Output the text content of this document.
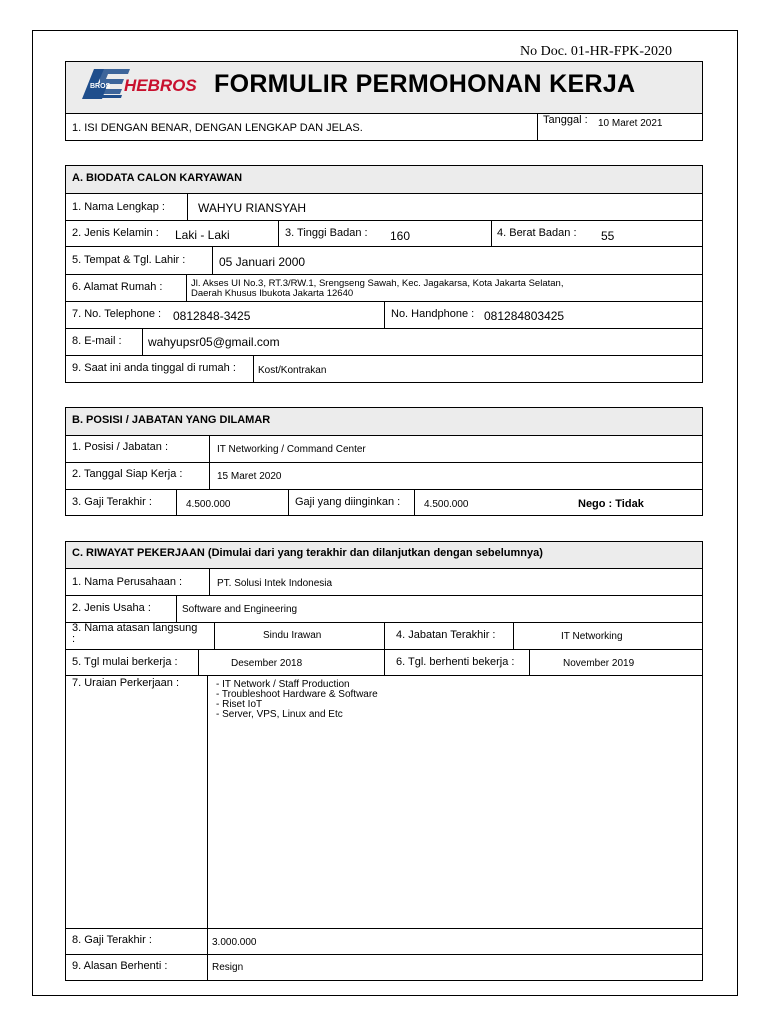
No Doc. 01-HR-FPK-2020
BROS HEBROS FORMULIR PERMOHONAN KERJA
1. ISI DENGAN BENAR, DENGAN LENGKAP DAN JELAS.
Tanggal : 10 Maret 2021
A. BIODATA CALON KARYAWAN
1. Nama Lengkap :	WAHYU RIANSYAH
2. Jenis Kelamin : Laki - Laki	3. Tinggi Badan : 160	4. Berat Badan : 55
5. Tempat & Tgl. Lahir :	05 Januari 2000
6. Alamat Rumah :	Jl. Akses UI No.3, RT.3/RW.1, Srengseng Sawah, Kec. Jagakarsa, Kota Jakarta Selatan,
Daerah Khusus Ibukota Jakarta 12640
7. No. Telephone : 0812848-3425	No. Handphone : 081284803425
8. E-mail : wahyupsr05@gmail.com
9. Saat ini anda tinggal di rumah : Kost/Kontrakan
B. POSISI / JABATAN YANG DILAMAR
1. Posisi / Jabatan :	IT Networking / Command Center
2. Tanggal Siap Kerja :	15 Maret 2020
3. Gaji Terakhir :	4.500.000	Gaji yang diinginkan : 4.500.000	Nego : Tidak
C. RIWAYAT PEKERJAAN (Dimulai dari yang terakhir dan dilanjutkan dengan sebelumnya)
1. Nama Perusahaan :	PT. Solusi Intek Indonesia
2. Jenis Usaha :	Software and Engineering
3. Nama atasan langsung
:	Sindu Irawan	4. Jabatan Terakhir :	IT Networking
5. Tgl mulai berkerja :	Desember 2018	6. Tgl. berhenti bekerja :	November 2019
7. Uraian Perkerjaan :	- IT Network / Staff Production
- Troubleshoot Hardware & Software
- Riset IoT
- Server, VPS, Linux and Etc
8. Gaji Terakhir :	3.000.000
9. Alasan Berhenti :	Resign
